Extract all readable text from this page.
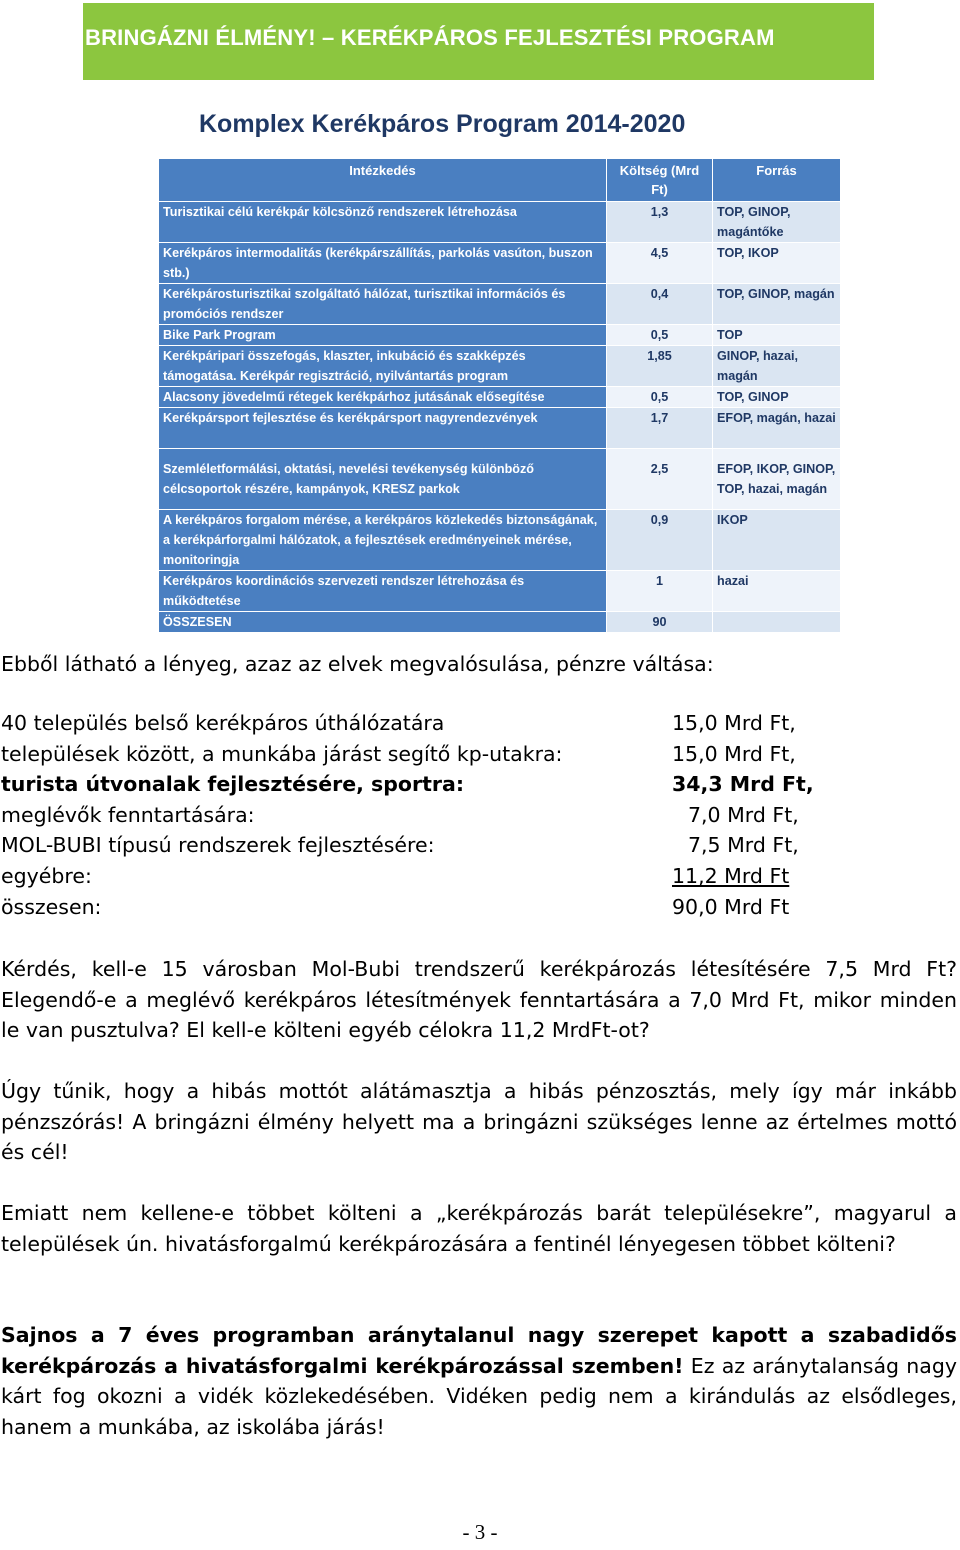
BRINGÁZNI ÉLMÉNY! – KERÉKPÁROS FEJLESZTÉSI PROGRAM
Komplex Kerékpáros Program 2014-2020
Intézkedés	Költség (Mrd Ft)	Forrás
Turisztikai célú kerékpár kölcsönző rendszerek létrehozása	1,3	TOP, GINOP, magántőke
Kerékpáros intermodalitás (kerékpárszállítás, parkolás vasúton, buszon stb.)	4,5	TOP, IKOP
Kerékpárosturisztikai szolgáltató hálózat, turisztikai információs és promóciós rendszer	0,4	TOP, GINOP, magán
Bike Park Program	0,5	TOP
Kerékpáripari összefogás, klaszter, inkubáció és szakképzés támogatása. Kerékpár regisztráció, nyilvántartás program	1,85	GINOP, hazai, magán
Alacsony jövedelmű rétegek kerékpárhoz jutásának elősegítése	0,5	TOP, GINOP
Kerékpársport fejlesztése és kerékpársport nagyrendezvények	1,7	EFOP, magán, hazai
Szemléletformálási, oktatási, nevelési tevékenység különböző célcsoportok részére, kampányok, KRESZ parkok	2,5	EFOP, IKOP, GINOP, TOP, hazai, magán
A kerékpáros forgalom mérése, a kerékpáros közlekedés biztonságának, a kerékpárforgalmi hálózatok, a fejlesztések eredményeinek mérése, monitoringja	0,9	IKOP
Kerékpáros koordinációs szervezeti rendszer létrehozása és működtetése	1	hazai
ÖSSZESEN	90	
Ebből látható a lényeg, azaz az elvek megvalósulása, pénzre váltása:
40 település belső kerékpáros úthálózatára	15,0 Mrd Ft,
települések között, a munkába járást segítő kp-utakra:	15,0 Mrd Ft,
turista útvonalak fejlesztésére, sportra:	34,3 Mrd Ft,
meglévők fenntartására:	7,0 Mrd Ft,
MOL-BUBI típusú rendszerek fejlesztésére:	7,5 Mrd Ft,
egyébre:	11,2 Mrd Ft
összesen:	90,0 Mrd Ft
Kérdés, kell-e 15 városban Mol-Bubi trendszerű kerékpározás létesítésére 7,5 Mrd Ft? Elegendő-e a meglévő kerékpáros létesítmények fenntartására a 7,0 Mrd Ft, mikor minden le van pusztulva? El kell-e költeni egyéb célokra 11,2 MrdFt-ot?
Úgy tűnik, hogy a hibás mottót alátámasztja a hibás pénzosztás, mely így már inkább pénzszórás! A bringázni élmény helyett ma a bringázni szükséges lenne az értelmes mottó és cél!
Emiatt nem kellene-e többet költeni a „kerékpározás barát településekre”, magyarul a települések ún. hivatásforgalmú kerékpározására a fentinél lényegesen többet költeni?
Sajnos a 7 éves programban aránytalanul nagy szerepet kapott a szabadidős kerékpározás a hivatásforgalmi kerékpározással szemben! Ez az aránytalanság nagy kárt fog okozni a vidék közlekedésében. Vidéken pedig nem a kirándulás az elsődleges, hanem a munkába, az iskolába járás!
- 3 -
